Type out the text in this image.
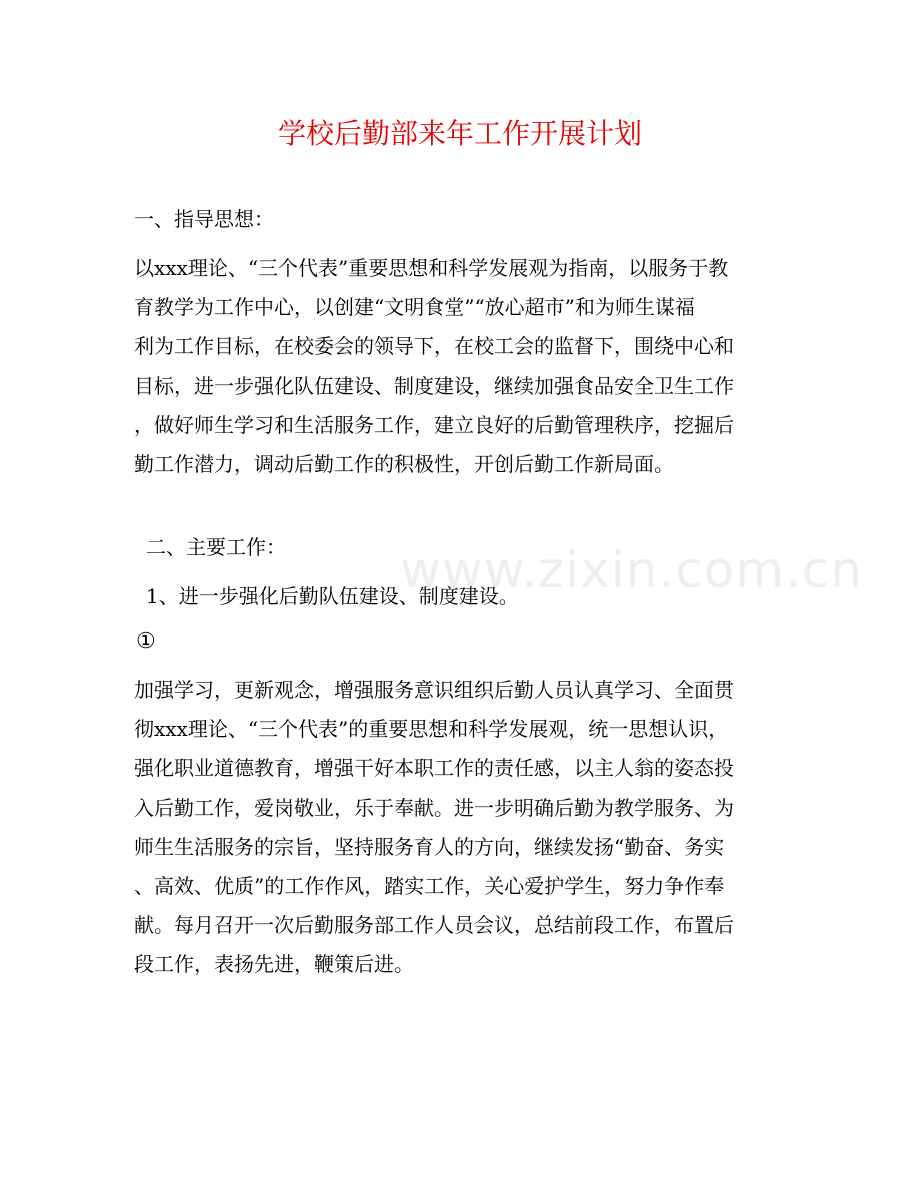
www.zixin.com.cn
学校后勤部来年工作开展计划

一、指导思想：

以xxx理论、“三个代表”重要思想和科学发展观为指南，以服务于教
育教学为工作中心，以创建“文明食堂”“放心超市”和为师生谋福
利为工作目标，在校委会的领导下，在校工会的监督下，围绕中心和
目标，进一步强化队伍建设、制度建设，继续加强食品安全卫生工作
，做好师生学习和生活服务工作，建立良好的后勤管理秩序，挖掘后
勤工作潜力，调动后勤工作的积极性，开创后勤工作新局面。

二、主要工作：

1、进一步强化后勤队伍建设、制度建设。

①

加强学习，更新观念，增强服务意识组织后勤人员认真学习、全面贯
彻xxx理论、“三个代表”的重要思想和科学发展观，统一思想认识，
强化职业道德教育，增强干好本职工作的责任感，以主人翁的姿态投
入后勤工作，爱岗敬业，乐于奉献。进一步明确后勤为教学服务、为
师生生活服务的宗旨，坚持服务育人的方向，继续发扬“勤奋、务实
、高效、优质”的工作作风，踏实工作，关心爱护学生，努力争作奉
献。每月召开一次后勤服务部工作人员会议，总结前段工作，布置后
段工作，表扬先进，鞭策后进。
